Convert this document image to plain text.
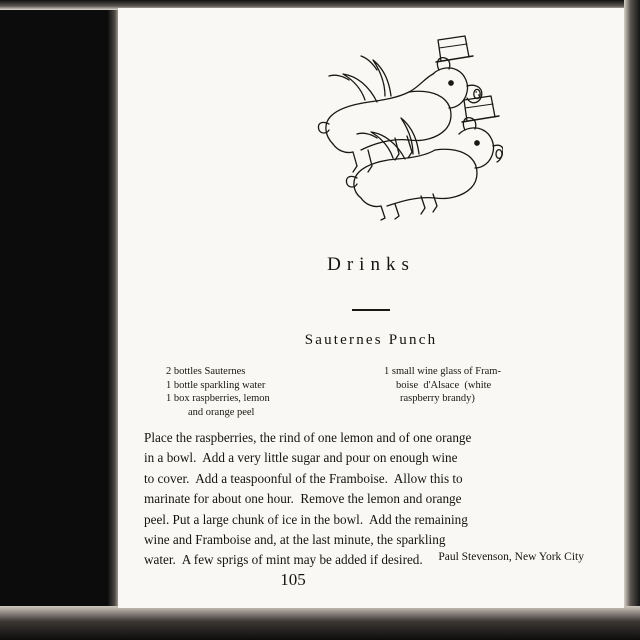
Drinks
Sauternes Punch
2 bottles Sauternes
1 bottle sparkling water
1 box raspberries, lemon
and orange peel
1 small wine glass of Fram-
boise  d'Alsace  (white
raspberry brandy)
Place the raspberries, the rind of one lemon and of one orange
in a bowl.  Add a very little sugar and pour on enough wine
to cover.  Add a teaspoonful of the Framboise.  Allow this to
marinate for about one hour.  Remove the lemon and orange
peel. Put a large chunk of ice in the bowl.  Add the remaining
wine and Framboise and, at the last minute, the sparkling
water.  A few sprigs of mint may be added if desired.	Paul Stevenson, New York City
105
